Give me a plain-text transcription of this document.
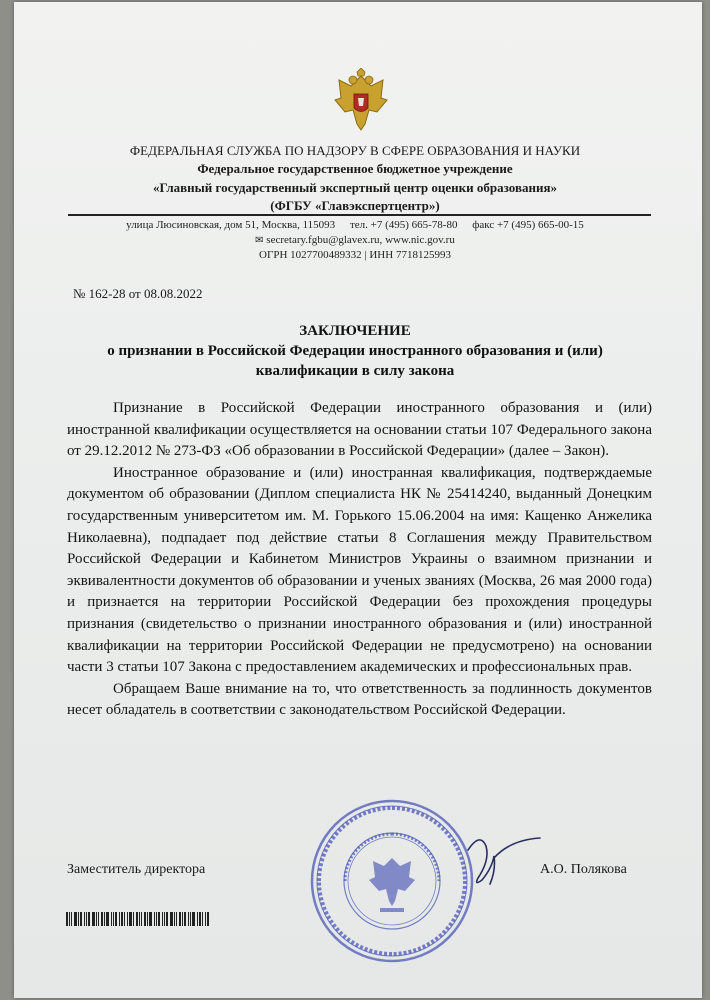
ФЕДЕРАЛЬНАЯ СЛУЖБА ПО НАДЗОРУ В СФЕРЕ ОБРАЗОВАНИЯ И НАУКИ
Федеральное государственное бюджетное учреждение
«Главный государственный экспертный центр оценки образования»
(ФГБУ «Главэкспертцентр»)
улица Люсиновская, дом 51, Москва, 115093 тел. +7 (495) 665-78-80 факс +7 (495) 665-00-15
✉ secretary.fgbu@glavex.ru, www.nic.gov.ru
ОГРН 1027700489332 | ИНН 7718125993
№ 162-28 от 08.08.2022
ЗАКЛЮЧЕНИЕ
о признании в Российской Федерации иностранного образования и (или)
квалификации в силу закона

Признание в Российской Федерации иностранного образования и (или) иностранной квалификации осуществляется на основании статьи 107 Федерального закона от 29.12.2012 № 273-ФЗ «Об образовании в Российской Федерации» (далее – Закон).

Иностранное образование и (или) иностранная квалификация, подтверждаемые документом об образовании (Диплом специалиста НК № 25414240, выданный Донецким государственным университетом им. М. Горького 15.06.2004 на имя: Кащенко Анжелика Николаевна), подпадает под действие статьи 8 Соглашения между Правительством Российской Федерации и Кабинетом Министров Украины о взаимном признании и эквивалентности документов об образовании и ученых званиях (Москва, 26 мая 2000 года) и признается на территории Российской Федерации без прохождения процедуры признания (свидетельство о признании иностранного образования и (или) иностранной квалификации на территории Российской Федерации не предусмотрено) на основании части 3 статьи 107 Закона с предоставлением академических и профессиональных прав.

Обращаем Ваше внимание на то, что ответственность за подлинность документов несет обладатель в соответствии с законодательством Российской Федерации.

Заместитель директора	А.О. Полякова
